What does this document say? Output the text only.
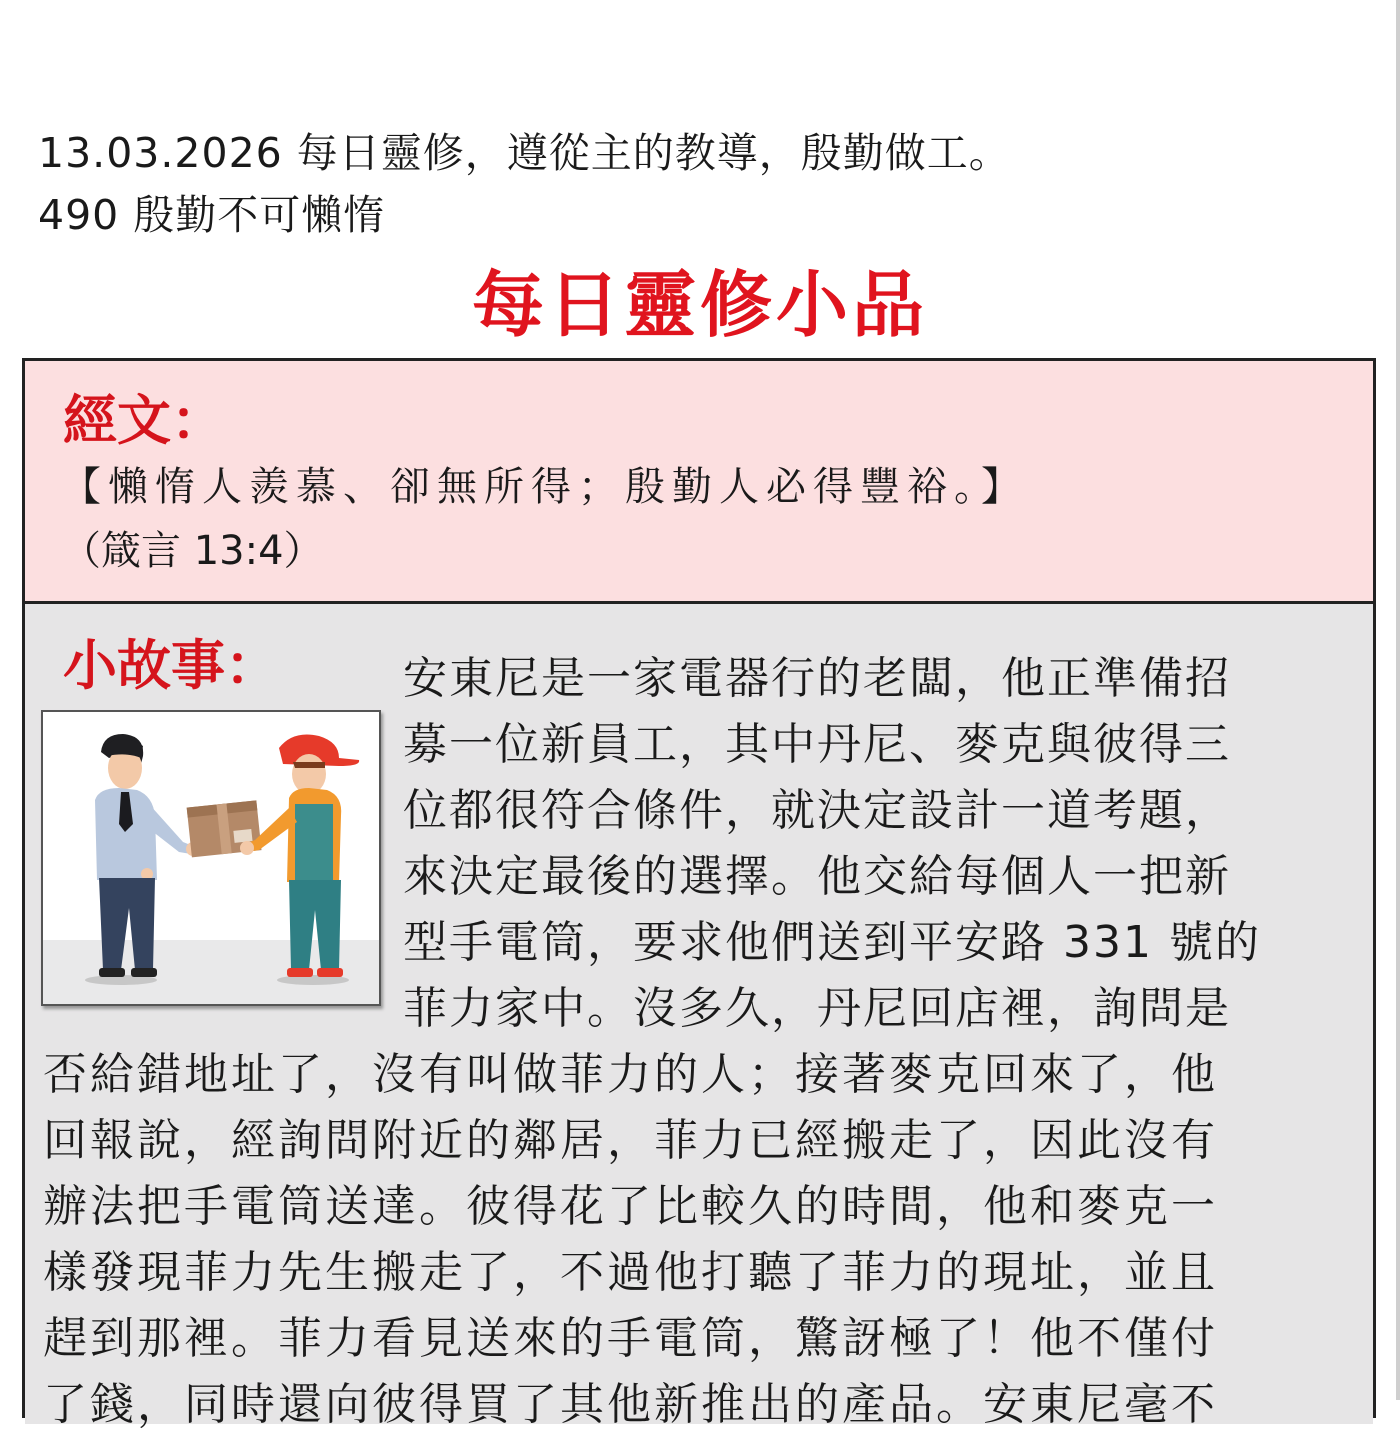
13.03.2026 每日靈修，遵從主的教導，殷勤做工。
490 殷勤不可懶惰
每日靈修小品
經文：
【懶惰人羨慕、卻無所得；殷勤人必得豐裕。】
（箴言 13:4）
小故事：	安東尼是一家電器行的老闆，他正準備招
募一位新員工，其中丹尼、麥克與彼得三
位都很符合條件，就決定設計一道考題，
來決定最後的選擇。他交給每個人一把新
型手電筒，要求他們送到平安路 331 號的
菲力家中。沒多久，丹尼回店裡，詢問是
否給錯地址了，沒有叫做菲力的人；接著麥克回來了，他
回報說，經詢問附近的鄰居，菲力已經搬走了，因此沒有
辦法把手電筒送達。彼得花了比較久的時間，他和麥克一
樣發現菲力先生搬走了，不過他打聽了菲力的現址，並且
趕到那裡。菲力看見送來的手電筒，驚訝極了！他不僅付
了錢，同時還向彼得買了其他新推出的產品。安東尼毫不
